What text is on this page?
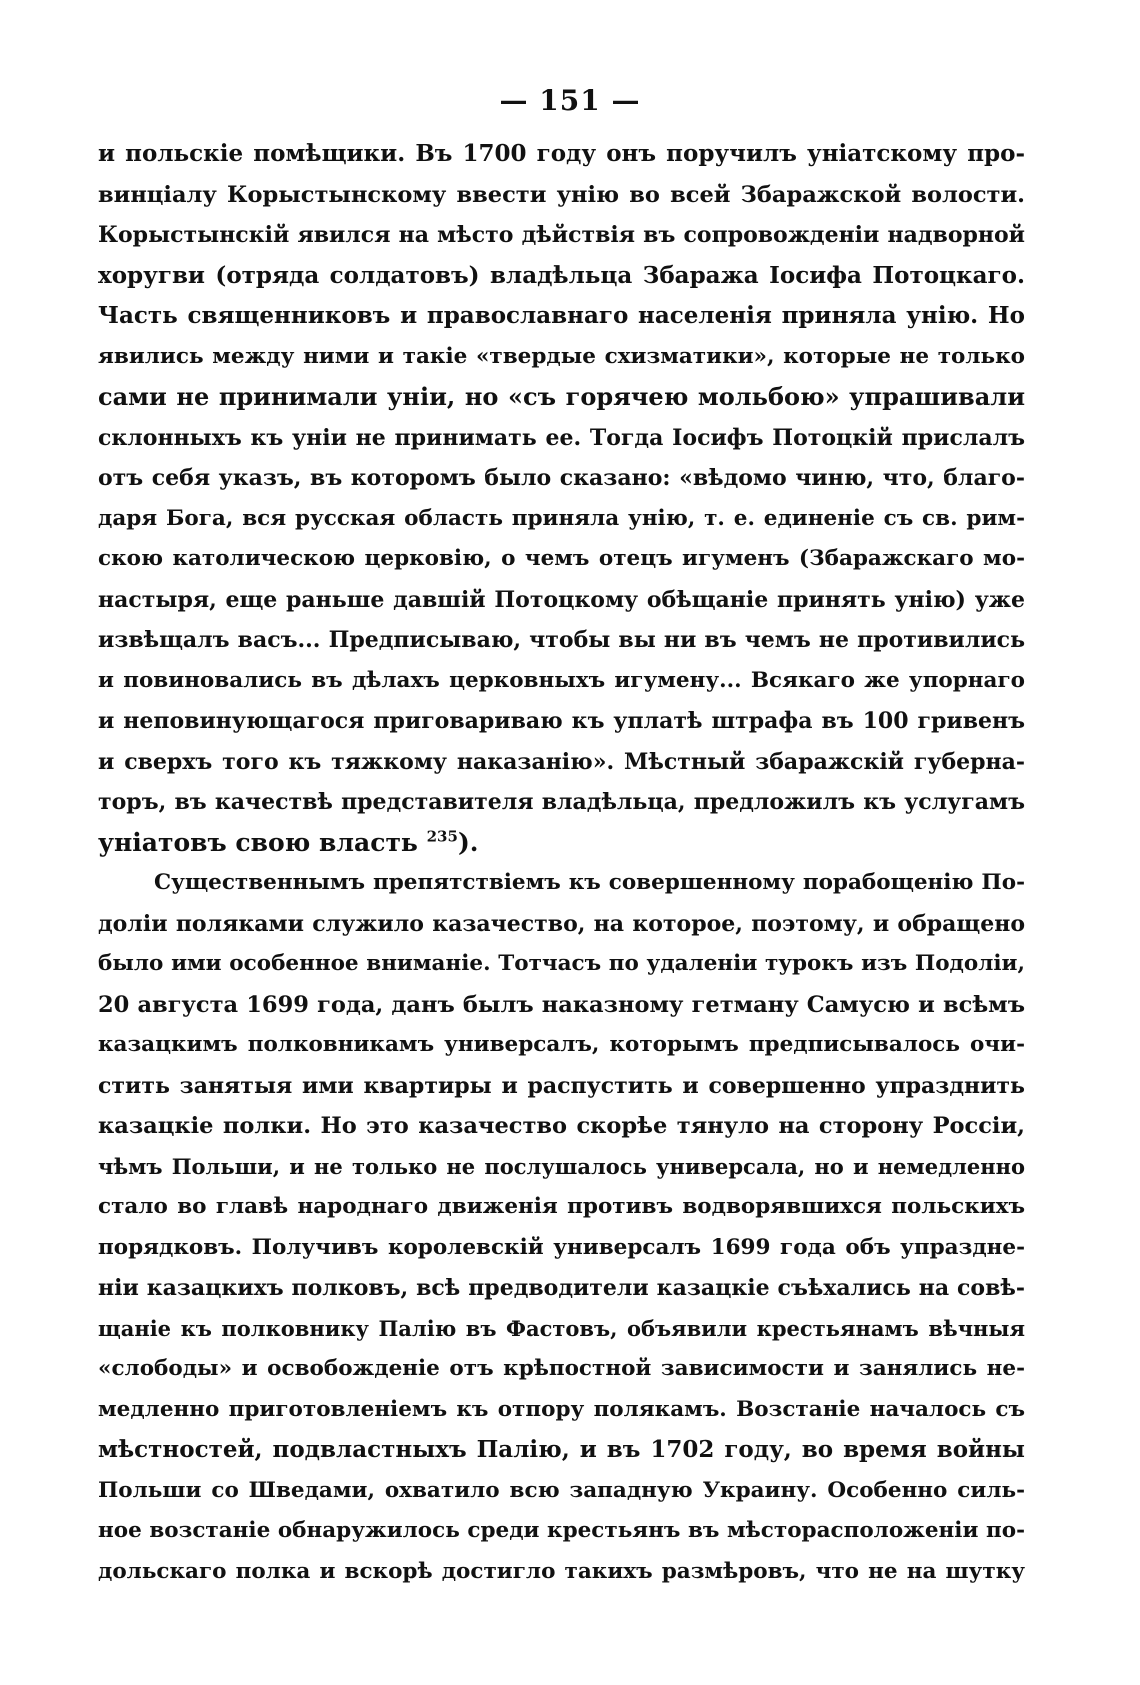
— 151 —
и польскіе помѣщики. Въ 1700 году онъ поручилъ уніатскому про-
винціалу Корыстынскому ввести унію во всей Збаражской волости.
Корыстынскій явился на мѣсто дѣйствія въ сопровожденіи надворной
хоругви (отряда солдатовъ) владѣльца Збаража Іосифа Потоцкаго.
Часть священниковъ и православнаго населенія приняла унію. Но
явились между ними и такіе «твердые схизматики», которые не только
сами не принимали уніи, но «съ горячею мольбою» упрашивали
склонныхъ къ уніи не принимать ее. Тогда Іосифъ Потоцкій прислалъ
отъ себя указъ, въ которомъ было сказано: «вѣдомо чиню, что, благо-
даря Бога, вся русская область приняла унію, т. е. единеніе съ св. рим-
скою католическою церковію, о чемъ отецъ игуменъ (Збаражскаго мо-
настыря, еще раньше давшій Потоцкому обѣщаніе принять унію) уже
извѣщалъ васъ... Предписываю, чтобы вы ни въ чемъ не противились
и повиновались въ дѣлахъ церковныхъ игумену... Всякаго же упорнаго
и неповинующагося приговариваю къ уплатѣ штрафа въ 100 гривенъ
и сверхъ того къ тяжкому наказанію». Мѣстный збаражскій губерна-
торъ, въ качествѣ представителя владѣльца, предложилъ къ услугамъ
уніатовъ свою власть $^{235}$).
Существеннымъ препятствіемъ къ совершенному порабощенію По-
доліи поляками служило казачество, на которое, поэтому, и обращено
было ими особенное вниманіе. Тотчасъ по удаленіи турокъ изъ Подоліи,
20 августа 1699 года, данъ былъ наказному гетману Самусю и всѣмъ
казацкимъ полковникамъ универсалъ, которымъ предписывалось очи-
стить занятыя ими квартиры и распустить и совершенно упразднить
казацкіе полки. Но это казачество скорѣе тянуло на сторону Россіи,
чѣмъ Польши, и не только не послушалось универсала, но и немедленно
стало во главѣ народнаго движенія противъ водворявшихся польскихъ
порядковъ. Получивъ королевскій универсалъ 1699 года объ упраздне-
ніи казацкихъ полковъ, всѣ предводители казацкіе съѣхались на совѣ-
щаніе къ полковнику Палію въ Фастовъ, объявили крестьянамъ вѣчныя
«слободы» и освобожденіе отъ крѣпостной зависимости и занялись не-
медленно приготовленіемъ къ отпору полякамъ. Возстаніе началось съ
мѣстностей, подвластныхъ Палію, и въ 1702 году, во время войны
Польши со Шведами, охватило всю западную Украину. Особенно силь-
ное возстаніе обнаружилось среди крестьянъ въ мѣсторасположеніи по-
дольскаго полка и вскорѣ достигло такихъ размѣровъ, что не на шутку
